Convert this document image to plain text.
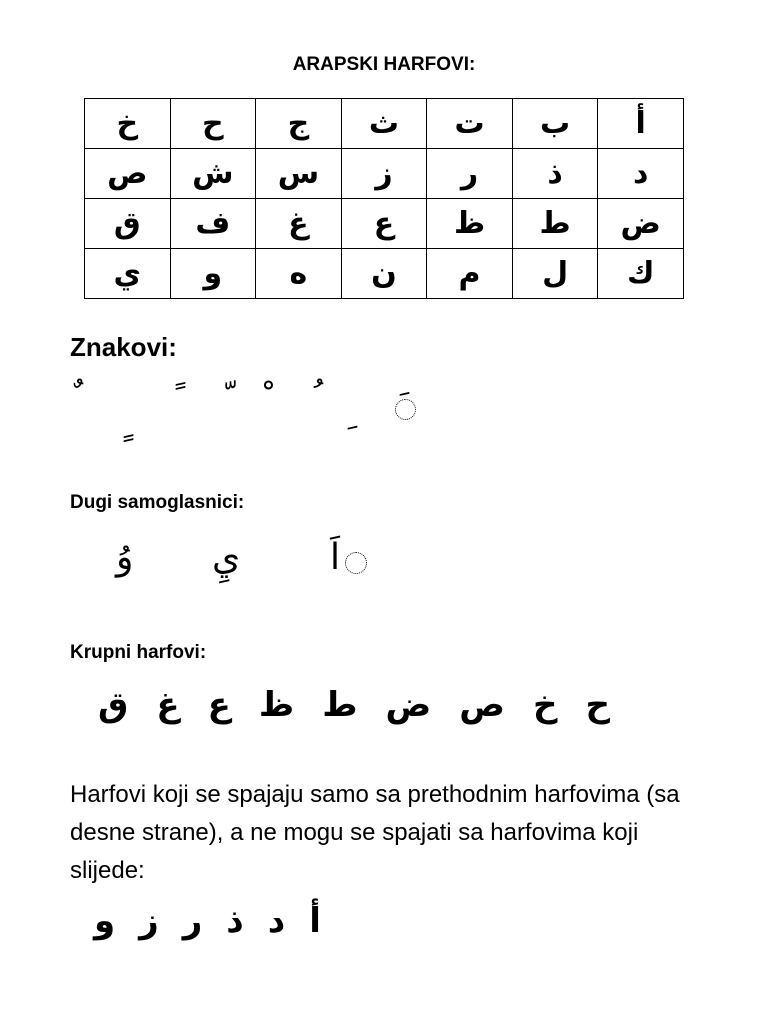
ARAPSKI HARFOVI:
خ	ح	ج	ث	ت	ب	أ
ص	ش	س	ز	ر	ذ	د
ق	ف	غ	ع	ظ	ط	ض
ي	و	ه	ن	م	ل	ك
Znakovi:
Dugi samoglasnici:
اَ
يِ
وُ
Krupni harfovi:
حخصضطظعغق
Harfovi koji se spajaju samo sa prethodnim harfovima (sa desne strane), a ne mogu se spajati sa harfovima koji slijede:
أدذرزو
